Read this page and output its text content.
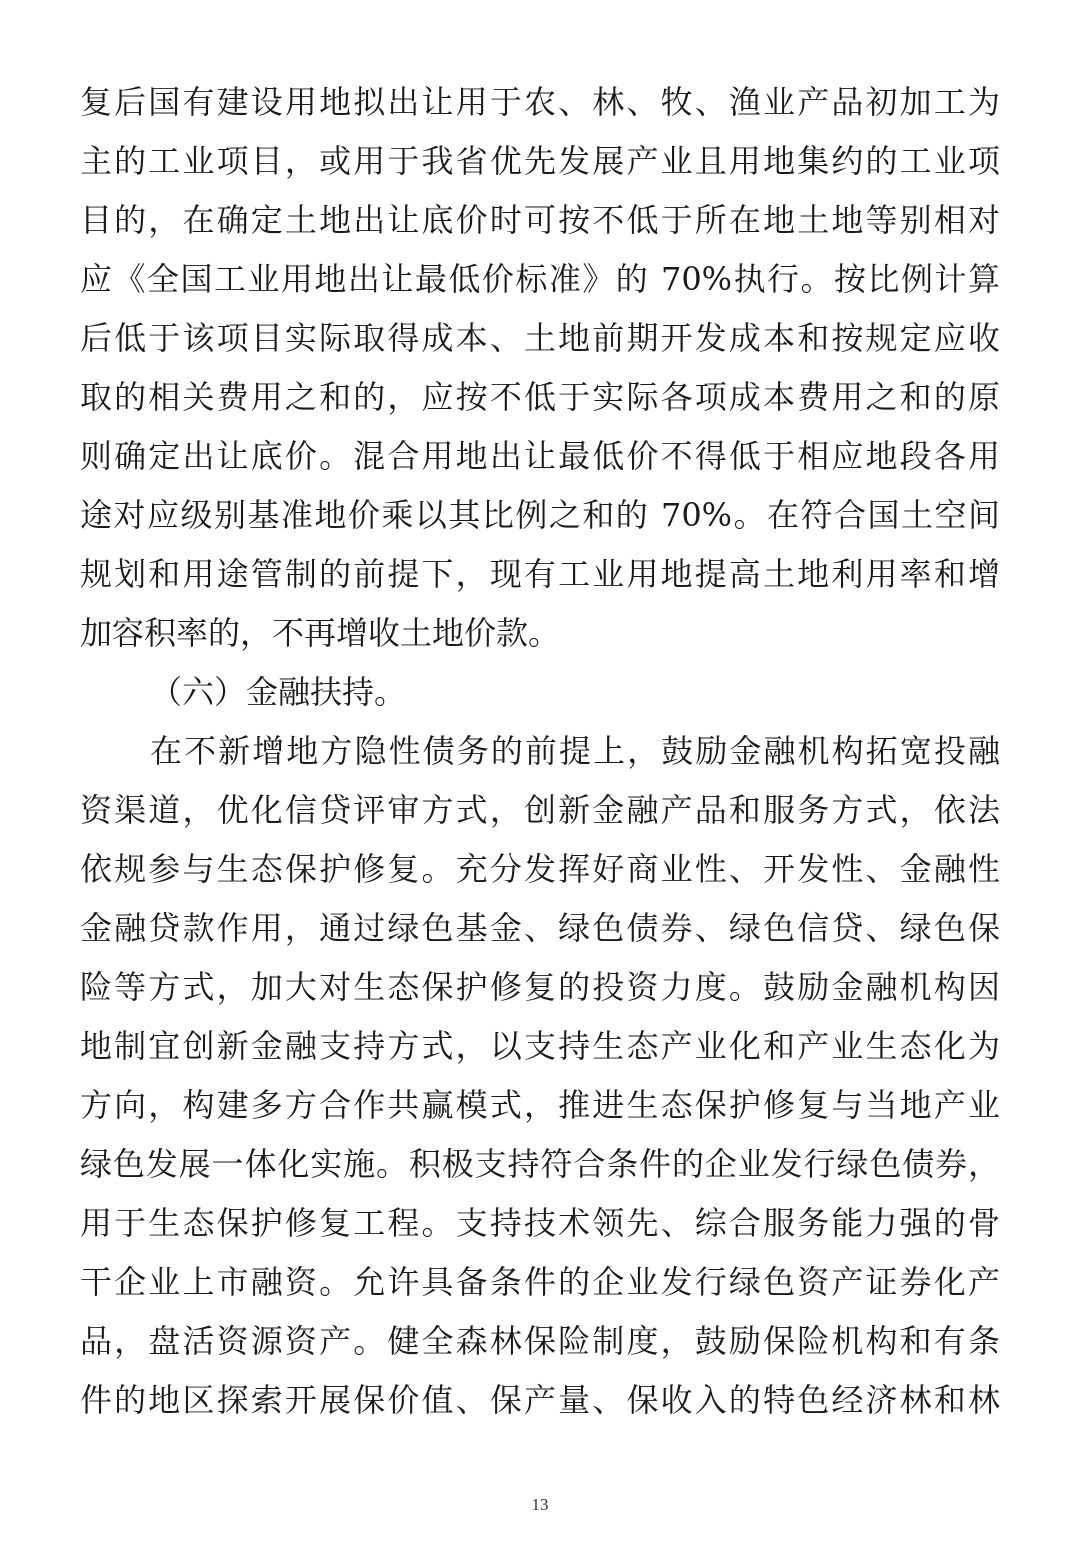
复后国有建设用地拟出让用于农、林、牧、渔业产品初加工为
主的工业项目，或用于我省优先发展产业且用地集约的工业项
目的，在确定土地出让底价时可按不低于所在地土地等别相对
应《全国工业用地出让最低价标准》的 70%执行。按比例计算
后低于该项目实际取得成本、土地前期开发成本和按规定应收
取的相关费用之和的，应按不低于实际各项成本费用之和的原
则确定出让底价。混合用地出让最低价不得低于相应地段各用
途对应级别基准地价乘以其比例之和的 70%。在符合国土空间
规划和用途管制的前提下，现有工业用地提高土地利用率和增
加容积率的，不再增收土地价款。
（六）金融扶持。
在不新增地方隐性债务的前提上，鼓励金融机构拓宽投融
资渠道，优化信贷评审方式，创新金融产品和服务方式，依法
依规参与生态保护修复。充分发挥好商业性、开发性、金融性
金融贷款作用，通过绿色基金、绿色债券、绿色信贷、绿色保
险等方式，加大对生态保护修复的投资力度。鼓励金融机构因
地制宜创新金融支持方式，以支持生态产业化和产业生态化为
方向，构建多方合作共赢模式，推进生态保护修复与当地产业
绿色发展一体化实施。积极支持符合条件的企业发行绿色债券，
用于生态保护修复工程。支持技术领先、综合服务能力强的骨
干企业上市融资。允许具备条件的企业发行绿色资产证券化产
品，盘活资源资产。健全森林保险制度，鼓励保险机构和有条
件的地区探索开展保价值、保产量、保收入的特色经济林和林
13
